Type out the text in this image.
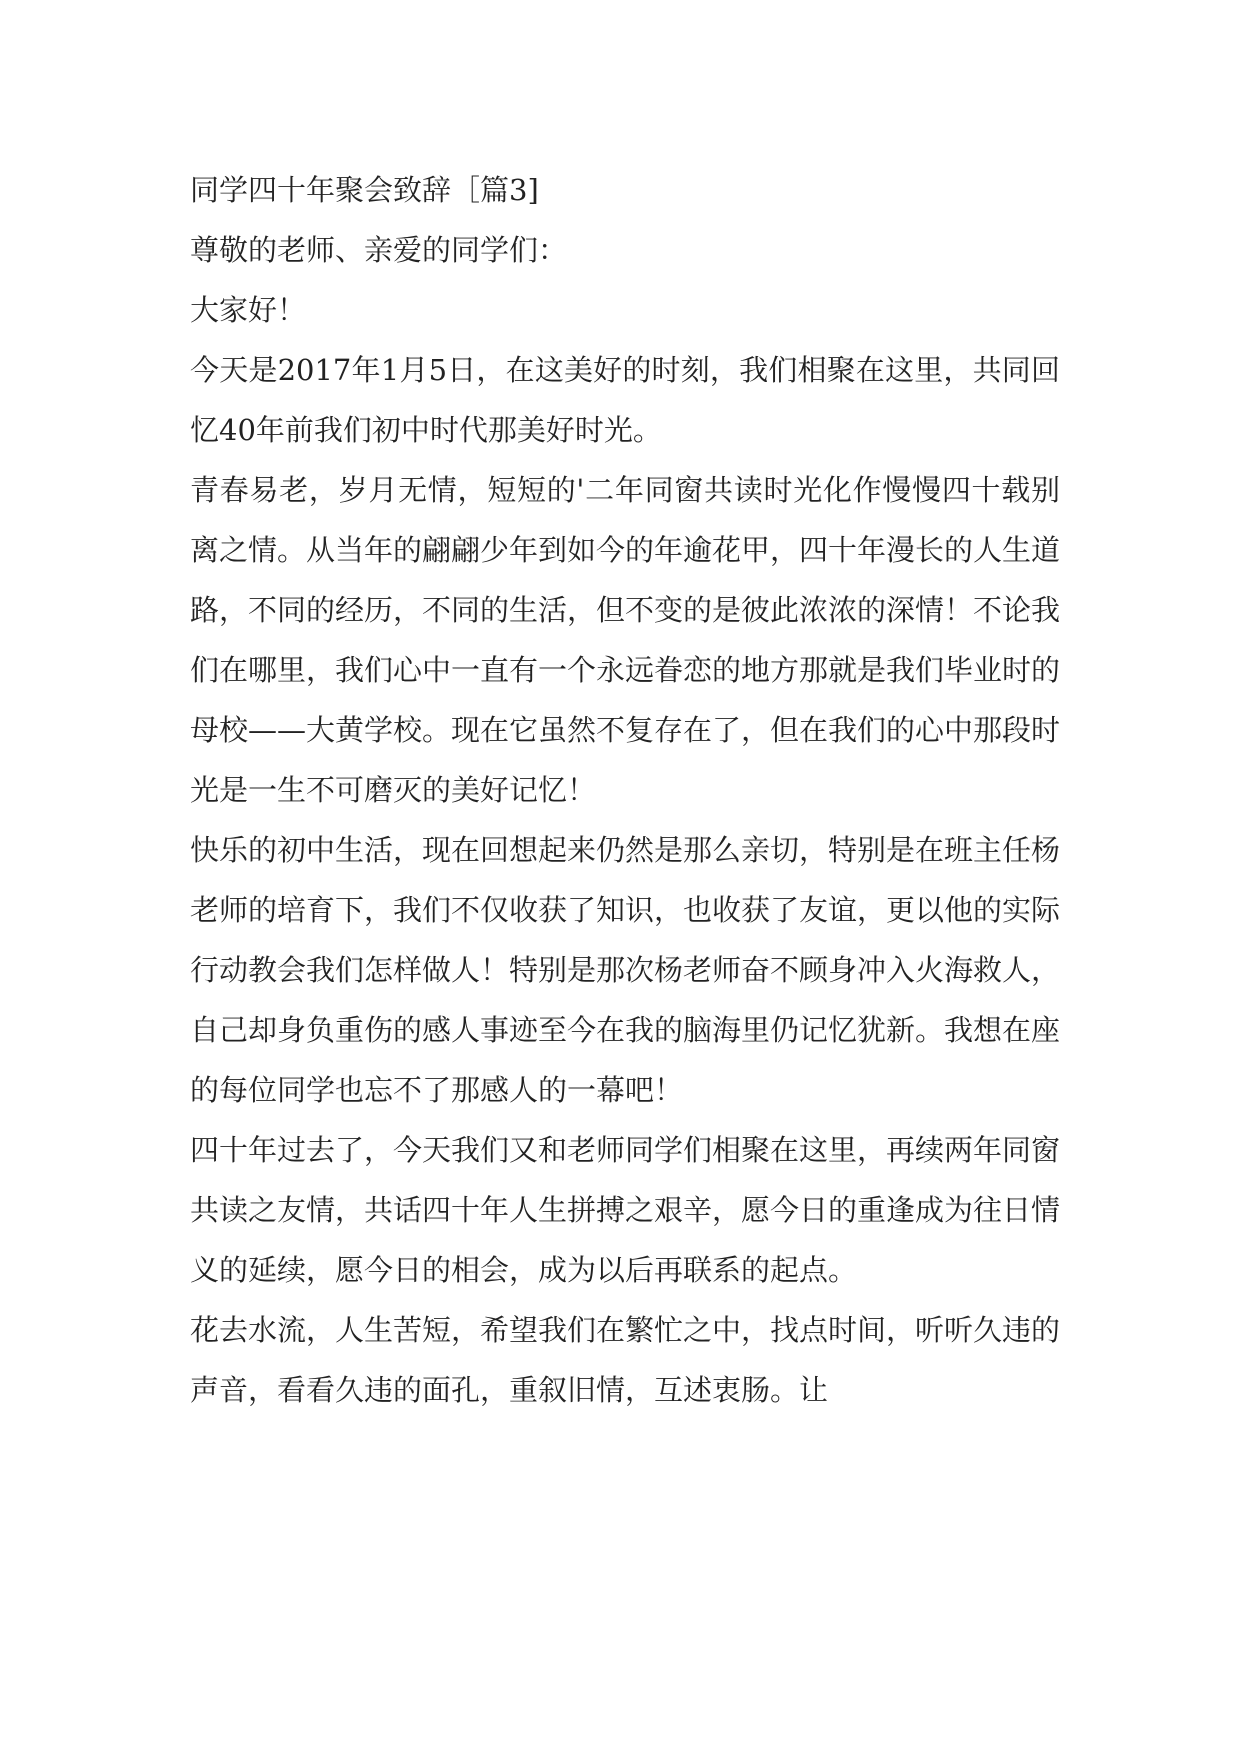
同学四十年聚会致辞［篇3]

尊敬的老师、亲爱的同学们：

大家好！

今天是2017年1月5日，在这美好的时刻，我们相聚在这里，共同回忆40年前我们初中时代那美好时光。

青春易老，岁月无情，短短的'二年同窗共读时光化作慢慢四十载别离之情。从当年的翩翩少年到如今的年逾花甲，四十年漫长的人生道路，不同的经历，不同的生活，但不变的是彼此浓浓的深情！不论我们在哪里，我们心中一直有一个永远眷恋的地方那就是我们毕业时的母校——大黄学校。现在它虽然不复存在了，但在我们的心中那段时光是一生不可磨灭的美好记忆！

快乐的初中生活，现在回想起来仍然是那么亲切，特别是在班主任杨老师的培育下，我们不仅收获了知识，也收获了友谊，更以他的实际行动教会我们怎样做人！特别是那次杨老师奋不顾身冲入火海救人，自己却身负重伤的感人事迹至今在我的脑海里仍记忆犹新。我想在座的每位同学也忘不了那感人的一幕吧！

四十年过去了，今天我们又和老师同学们相聚在这里，再续两年同窗共读之友情，共话四十年人生拼搏之艰辛，愿今日的重逢成为往日情义的延续，愿今日的相会，成为以后再联系的起点。

花去水流，人生苦短，希望我们在繁忙之中，找点时间，听听久违的声音，看看久违的面孔，重叙旧情，互述衷肠。让
